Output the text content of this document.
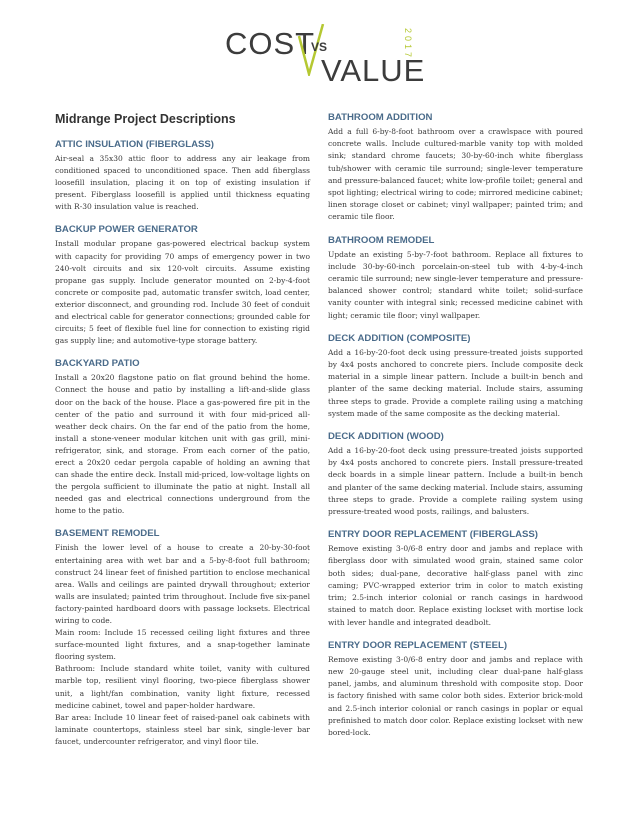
COST
VS
VALUE
2017
Midrange Project Descriptions
ATTIC INSULATION (FIBERGLASS)

Air-seal a 35x30 attic floor to address any air leakage from conditioned spaced to unconditioned space. Then add fiberglass loosefill insulation, placing it on top of existing insulation if present. Fiberglass loosefill is applied until thickness equating with R-30 insulation value is reached.

BACKUP POWER GENERATOR

Install modular propane gas-powered electrical backup system with capacity for providing 70 amps of emergency power in two 240-volt circuits and six 120-volt circuits. Assume existing propane gas supply. Include generator mounted on 2-by-4-foot concrete or composite pad, automatic transfer switch, load center, exterior disconnect, and grounding rod. Include 30 feet of conduit and electrical cable for generator connections; grounded cable for circuits; 5 feet of flexible fuel line for connection to existing rigid gas supply line; and automotive-type storage battery.

BACKYARD PATIO

Install a 20x20 flagstone patio on flat ground behind the home. Connect the house and patio by installing a lift-and-slide glass door on the back of the house. Place a gas-powered fire pit in the center of the patio and surround it with four mid-priced all-weather deck chairs. On the far end of the patio from the home, install a stone-veneer modular kitchen unit with gas grill, mini-refrigerator, sink, and storage. From each corner of the patio, erect a 20x20 cedar pergola capable of holding an awning that can shade the entire deck. Install mid-priced, low-voltage lights on the pergola sufficient to illuminate the patio at night. Install all needed gas and electrical connections underground from the home to the patio.

BASEMENT REMODEL

Finish the lower level of a house to create a 20-by-30-foot entertaining area with wet bar and a 5-by-8-foot full bathroom; construct 24 linear feet of finished partition to enclose mechanical area. Walls and ceilings are painted drywall throughout; exterior walls are insulated; painted trim throughout. Include five six-panel factory-painted hardboard doors with passage locksets. Electrical wiring to code.

Main room: Include 15 recessed ceiling light fixtures and three surface-mounted light fixtures, and a snap-together laminate flooring system.

Bathroom: Include standard white toilet, vanity with cultured marble top, resilient vinyl flooring, two-piece fiberglass shower unit, a light/fan combination, vanity light fixture, recessed medicine cabinet, towel and paper-holder hardware.

Bar area: Include 10 linear feet of raised-panel oak cabinets with laminate countertops, stainless steel bar sink, single-lever bar faucet, undercounter refrigerator, and vinyl floor tile.

BATHROOM ADDITION

Add a full 6-by-8-foot bathroom over a crawlspace with poured concrete walls. Include cultured-marble vanity top with molded sink; standard chrome faucets; 30-by-60-inch white fiberglass tub/shower with ceramic tile surround; single-lever temperature and pressure-balanced faucet; white low-profile toilet; general and spot lighting; electrical wiring to code; mirrored medicine cabinet; linen storage closet or cabinet; vinyl wallpaper; painted trim; and ceramic tile floor.

BATHROOM REMODEL

Update an existing 5-by-7-foot bathroom. Replace all fixtures to include 30-by-60-inch porcelain-on-steel tub with 4-by-4-inch ceramic tile surround; new single-lever temperature and pressure-balanced shower control; standard white toilet; solid-surface vanity counter with integral sink; recessed medicine cabinet with light; ceramic tile floor; vinyl wallpaper.

DECK ADDITION (COMPOSITE)

Add a 16-by-20-foot deck using pressure-treated joists supported by 4x4 posts anchored to concrete piers. Include composite deck material in a simple linear pattern. Include a built-in bench and planter of the same decking material. Include stairs, assuming three steps to grade. Provide a complete railing using a matching system made of the same composite as the decking material.

DECK ADDITION (WOOD)

Add a 16-by-20-foot deck using pressure-treated joists supported by 4x4 posts anchored to concrete piers. Install pressure-treated deck boards in a simple linear pattern. Include a built-in bench and planter of the same decking material. Include stairs, assuming three steps to grade. Provide a complete railing system using pressure-treated wood posts, railings, and balusters.

ENTRY DOOR REPLACEMENT (FIBERGLASS)

Remove existing 3-0/6-8 entry door and jambs and replace with fiberglass door with simulated wood grain, stained same color both sides; dual-pane, decorative half-glass panel with zinc caming; PVC-wrapped exterior trim in color to match existing trim; 2.5-inch interior colonial or ranch casings in hardwood stained to match door. Replace existing lockset with mortise lock with lever handle and integrated deadbolt.

ENTRY DOOR REPLACEMENT (STEEL)

Remove existing 3-0/6-8 entry door and jambs and replace with new 20-gauge steel unit, including clear dual-pane half-glass panel, jambs, and aluminum threshold with composite stop. Door is factory finished with same color both sides. Exterior brick-mold and 2.5-inch interior colonial or ranch casings in poplar or equal prefinished to match door color. Replace existing lockset with new bored-lock.
